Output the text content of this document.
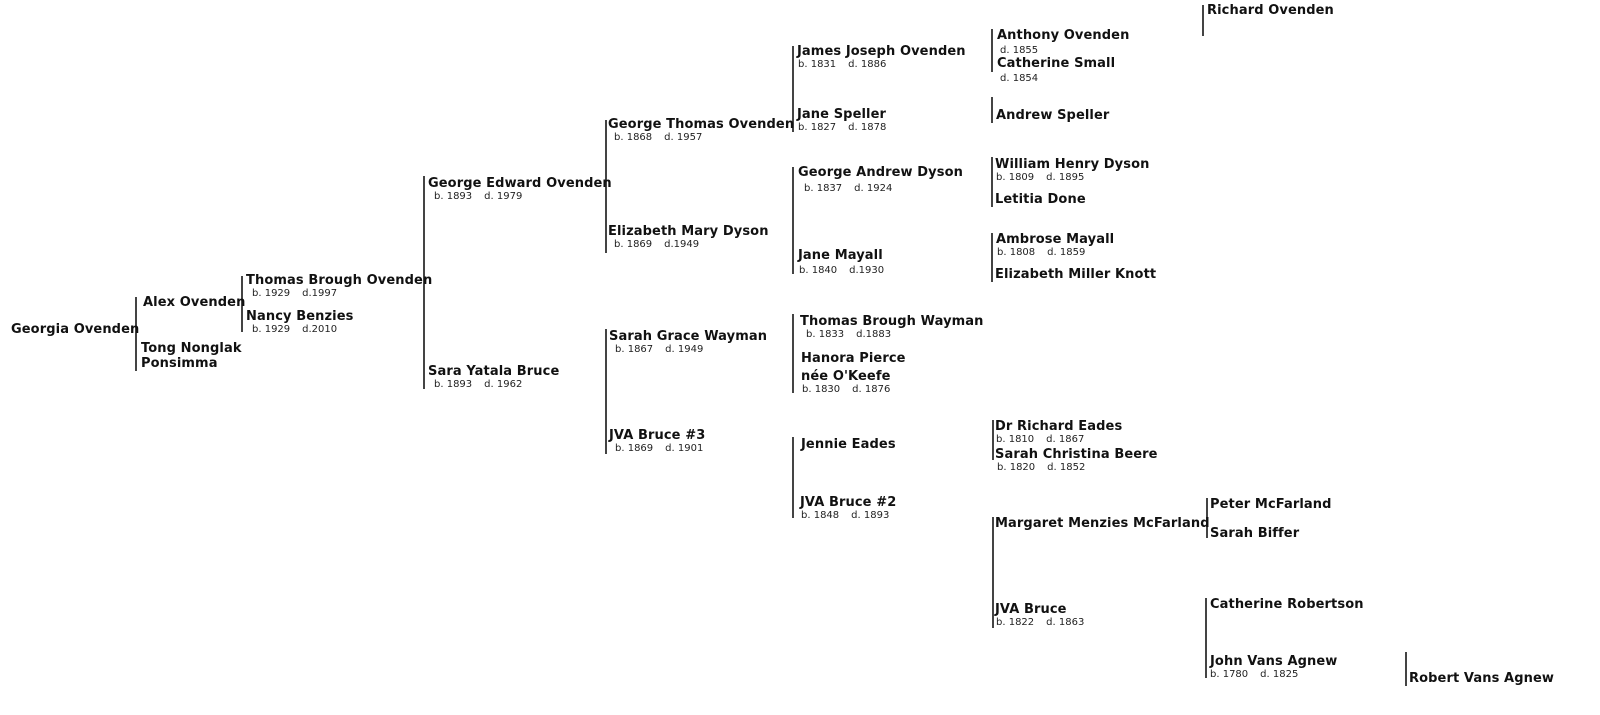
Georgia Ovenden
Alex Ovenden
Tong Nonglak
Ponsimma
Thomas Brough Ovenden
b. 1929 d.1997
Nancy Benzies
b. 1929 d.2010
George Edward Ovenden
b. 1893 d. 1979
Sara Yatala Bruce
b. 1893 d. 1962
George Thomas Ovenden
b. 1868 d. 1957
Elizabeth Mary Dyson
b. 1869 d.1949
Sarah Grace Wayman
b. 1867 d. 1949
JVA Bruce #3
b. 1869 d. 1901
James Joseph Ovenden
b. 1831 d. 1886
Jane Speller
b. 1827 d. 1878
George Andrew Dyson
b. 1837 d. 1924
Jane Mayall
b. 1840 d.1930
Thomas Brough Wayman
b. 1833 d.1883
Hanora Pierce
née O'Keefe
b. 1830 d. 1876
Jennie Eades
JVA Bruce #2
b. 1848 d. 1893
Anthony Ovenden
d. 1855
Catherine Small
d. 1854
Andrew Speller
William Henry Dyson
b. 1809 d. 1895
Letitia Done
Ambrose Mayall
b. 1808 d. 1859
Elizabeth Miller Knott
Dr Richard Eades
b. 1810 d. 1867
Sarah Christina Beere
b. 1820 d. 1852
Margaret Menzies McFarland
JVA Bruce
b. 1822 d. 1863
Richard Ovenden
Peter McFarland
Sarah Biffer
Catherine Robertson
John Vans Agnew
b. 1780 d. 1825	Robert Vans Agnew
